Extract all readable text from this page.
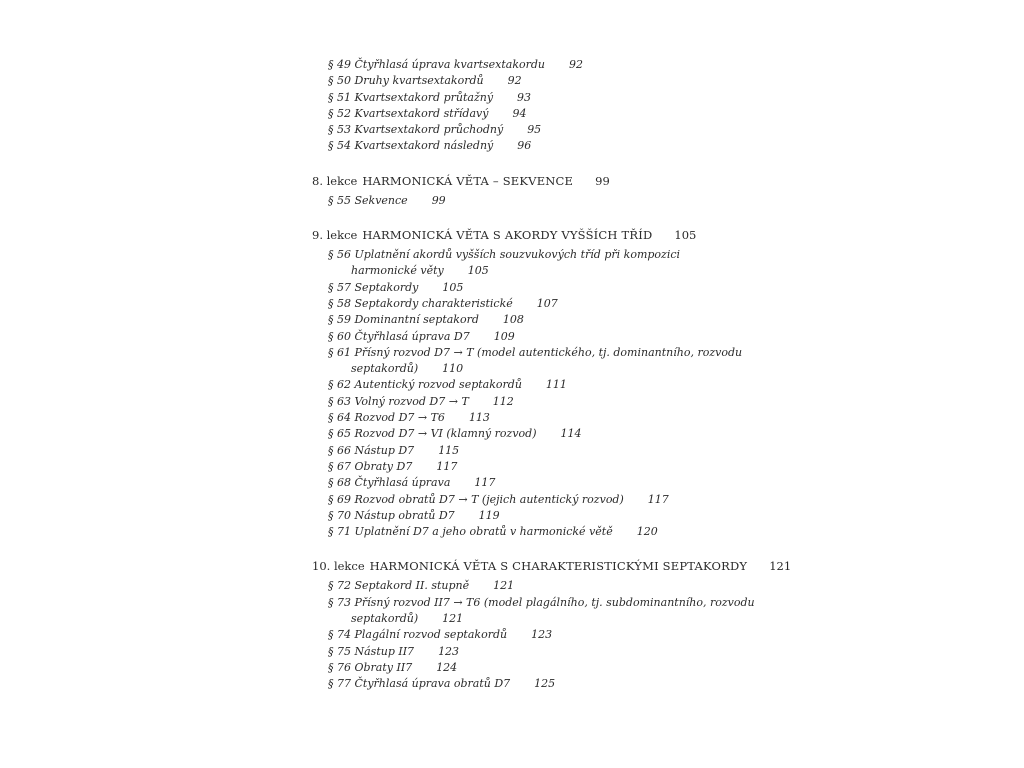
§ 49 Čtyřhlasá úprava kvartsextakordu 92
§ 50 Druhy kvartsextakordů 92
§ 51 Kvartsextakord průtažný 93
§ 52 Kvartsextakord střídavý 94
§ 53 Kvartsextakord průchodný 95
§ 54 Kvartsextakord následný 96
8. lekce HARMONICKÁ VĚTA – SEKVENCE 99
§ 55 Sekvence 99
9. lekce HARMONICKÁ VĚTA S AKORDY VYŠŠÍCH TŘÍD 105
§ 56 Uplatnění akordů vyšších souzvukových tříd při kompozici
harmonické věty 105
§ 57 Septakordy 105
§ 58 Septakordy charakteristické 107
§ 59 Dominantní septakord 108
§ 60 Čtyřhlasá úprava D7 109
§ 61 Přísný rozvod D7 → T (model autentického, tj. dominantního, rozvodu
septakordů) 110
§ 62 Autentický rozvod septakordů 111
§ 63 Volný rozvod D7 → T 112
§ 64 Rozvod D7 → T6 113
§ 65 Rozvod D7 → VI (klamný rozvod) 114
§ 66 Nástup D7 115
§ 67 Obraty D7 117
§ 68 Čtyřhlasá úprava 117
§ 69 Rozvod obratů D7 → T (jejich autentický rozvod) 117
§ 70 Nástup obratů D7 119
§ 71 Uplatnění D7 a jeho obratů v harmonické větě 120
10. lekce HARMONICKÁ VĚTA S CHARAKTERISTICKÝMI SEPTAKORDY 121
§ 72 Septakord II. stupně 121
§ 73 Přísný rozvod II7 → T6 (model plagálního, tj. subdominantního, rozvodu
septakordů) 121
§ 74 Plagální rozvod septakordů 123
§ 75 Nástup II7 123
§ 76 Obraty II7 124
§ 77 Čtyřhlasá úprava obratů D7 125
